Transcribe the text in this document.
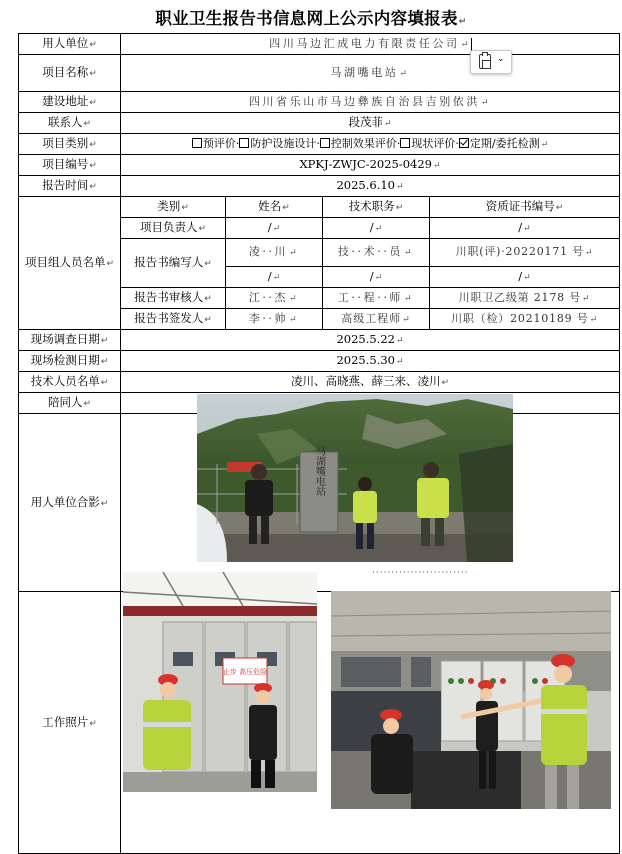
职业卫生报告书信息网上公示内容填报表↵
用人单位↵	四川马边汇成电力有限责任公司↵			
项目名称↵	马湖嘴电站↵			
建设地址↵	四川省乐山市马边彝族自治县吉别依洪↵			
联系人↵	段茂菲↵			
项目类别↵	预评价· 防护设施设计· 控制效果评价· 现状评价· 定期/委托检测↵			
项目编号↵	XPKJ-ZWJC-2025-0429↵			
报告时间↵	2025.6.10↵			
项目组人员名单↵	类别↵	姓名↵	技术职务↵	资质证书编号↵
	项目负责人↵	/↵	/↵	/↵
	报告书编写人↵	凌··川↵	技··术··员↵	川职(评)·20220171 号↵
		/↵	/↵	/↵
	报告书审核人↵	江··杰↵	工··程··师↵	川职卫乙级第 2178 号↵
	报告书签发人↵	李··帅↵	高级工程师↵	川职（检）20210189 号↵
现场调查日期↵	2025.5.22↵			
现场检测日期↵	2025.5.30↵			
技术人员名单↵	凌川、高晓燕、薛三来、凌川↵			
陪同人↵	
用人单位合影↵				
工作照片↵				
⌄
马湖嘴电站
止步 高压危险
·························
